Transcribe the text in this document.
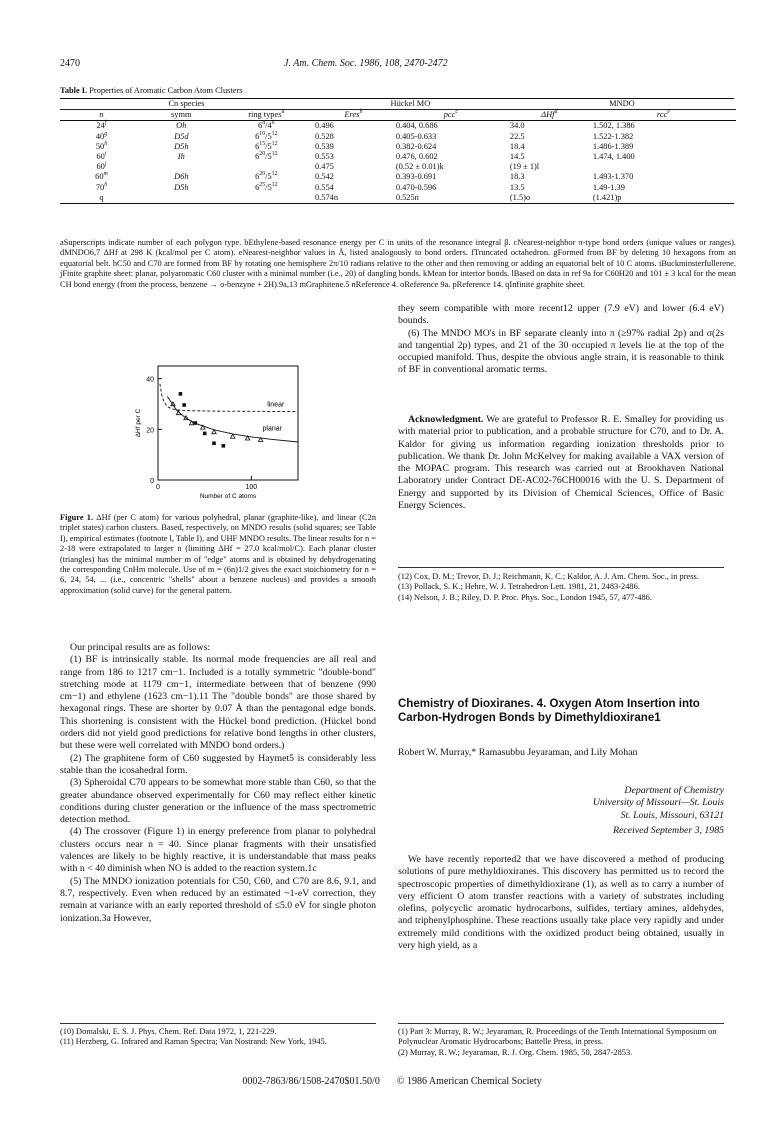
2470	J. Am. Chem. Soc. 1986, 108, 2470-2472
Table I. Properties of Aromatic Carbon Atom Clusters
Cn species			Hückel MO		MNDO	
n	symm	ring types$^a$	Eres$^b$	pcc$^c$	ΔHf$^d$	rcc$^e$
24$^f$	Oh	$6^8/4^6$	0.496	0.404, 0.686	34.0	1.502, 1.386
40$^g$	D5d	$6^{10}/5^{12}$	0.528	0.405-0.633	22.5	1.522-1.382
50$^h$	D5h	$6^{15}/5^{12}$	0.539	0.382-0.624	18.4	1.486-1.389
60$^i$	Ih	$6^{20}/5^{12}$	0.553	0.476, 0.602	14.5	1.474, 1.400
60$^j$			0.475	(0.52 ± 0.01)k	(19 ± 1)l	
60$^m$	D6h	$6^{20}/5^{12}$	0.542	0.393-0.691	18.3	1.493-1.370
70$^h$	D5h	$6^{25}/5^{12}$	0.554	0.470-0.596	13.5	1.49-1.39
q			0.574n	0.525n	(1.5)o	(1.421)p
aSuperscripts indicate number of each polygon type. bEthylene-based resonance energy per C in units of the resonance integral β. cNearest-neighbor π-type bond orders (unique values or ranges). dMNDO6,7 ΔHf at 298 K (kcal/mol per C atom). eNearest-neighbor values in Å, listed analogously to bond orders. fTruncated octahedron. gFormed from BF by deleting 10 hexagons from an equatorial belt. hC50 and C70 are formed from BF by rotating one hemisphere 2π/10 radians relative to the other and then removing or adding an equatorial belt of 10 C atoms. iBuckminsterfullerene. jFinite graphite sheet: planar, polyaromatic C60 cluster with a minimal number (i.e., 20) of dangling bonds. kMean for interior bonds. lBased on data in ref 9a for C60H20 and 101 ± 3 kcal for the mean CH bond energy (from the process, benzene → o-benzyne + 2H).9a,13 mGraphitene.5 nReference 4. oReference 9a. pReference 14. qInfinite graphite sheet.
0
20
40
0	100
Number of C atoms
ΔHf per C
linear
planar
Figure 1. ΔHf (per C atom) for various polyhedral, planar (graphite-like), and linear (C2n triplet states) carbon clusters. Based, respectively, on MNDO results (solid squares; see Table I), empirical estimates (footnote l, Table I), and UHF MNDO results. The linear results for n = 2-18 were extrapolated to larger n (limiting ΔHf = 27.0 kcal/mol/C). Each planar cluster (triangles) has the minimal number m of "edge" atoms and is obtained by dehydrogenating the corresponding CnHm molecule. Use of m = (6n)1/2 gives the exact stoichiometry for n = 6, 24, 54, ... (i.e., concentric "shells" about a benzene nucleus) and provides a smooth approximation (solid curve) for the general pattern.

Our principal results are as follows:

(1) BF is intrinsically stable. Its normal mode frequencies are all real and range from 186 to 1217 cm−1. Included is a totally symmetric "double-bond" stretching mode at 1179 cm−1, intermediate between that of benzene (990 cm−1) and ethylene (1623 cm−1).11 The "double bonds" are those shared by hexagonal rings. These are shorter by 0.07 Å than the pentagonal edge bonds. This shortening is consistent with the Hückel bond prediction. (Hückel bond orders did not yield good predictions for relative bond lengths in other clusters, but these were well correlated with MNDO bond orders.)

(2) The graphitene form of C60 suggested by Haymet5 is considerably less stable than the icosahedral form.

(3) Spheroidal C70 appears to be somewhat more stable than C60, so that the greater abundance observed experimentally for C60 may reflect either kinetic conditions during cluster generation or the influence of the mass spectrometric detection method.

(4) The crossover (Figure 1) in energy preference from planar to polyhedral clusters occurs near n = 40. Since planar fragments with their unsatisfied valences are likely to be highly reactive, it is understandable that mass peaks with n < 40 diminish when NO is added to the reaction system.1c

(5) The MNDO ionization potentials for C50, C60, and C70 are 8.6, 9.1, and 8.7, respectively. Even when reduced by an estimated ~1-eV correction, they remain at variance with an early reported threshold of ≤5.0 eV for single photon ionization.3a However,

(10) Domalski, E. S. J. Phys. Chem. Ref. Data 1972, 1, 221-229.
(11) Herzberg, G. Infrared and Raman Spectra; Van Nostrand: New York, 1945.

they seem compatible with more recent12 upper (7.9 eV) and lower (6.4 eV) bounds.

(6) The MNDO MO's in BF separate cleanly into π (≥97% radial 2p) and σ(2s and tangential 2p) types, and 21 of the 30 occupied π levels lie at the top of the occupied manifold. Thus, despite the obvious angle strain, it is reasonable to think of BF in conventional aromatic terms.

Acknowledgment. We are grateful to Professor R. E. Smalley for providing us with material prior to publication, and a probable structure for C70, and to Dr. A. Kaldor for giving us information regarding ionization thresholds prior to publication. We thank Dr. John McKelvey for making available a VAX version of the MOPAC program. This research was carried out at Brookhaven National Laboratory under Contract DE-AC02-76CH00016 with the U. S. Department of Energy and supported by its Division of Chemical Sciences, Office of Basic Energy Sciences.
(12) Cox, D. M.; Trevor, D. J.; Reichmann, K. C.; Kaldor, A. J. Am. Chem. Soc., in press.
(13) Pollack, S. K.; Hehre, W. J. Tetrahedron Lett. 1981, 21, 2483-2486.
(14) Nelson, J. B.; Riley, D. P. Proc. Phys. Soc., London 1945, 57, 477-486.
Chemistry of Dioxiranes. 4. Oxygen Atom Insertion into Carbon-Hydrogen Bonds by Dimethyldioxirane1
Robert W. Murray,* Ramasubbu Jeyaraman, and Lily Mohan
Department of Chemistry
University of Missouri—St. Louis
St. Louis, Missouri, 63121
Received September 3, 1985
We have recently reported2 that we have discovered a method of producing solutions of pure methyldioxiranes. This discovery has permitted us to record the spectroscopic properties of dimethyldioxirane (1), as well as to carry a number of very efficient O atom transfer reactions with a variety of substrates including olefins, polycyclic aromatic hydrocarbons, sulfides, tertiary amines, aldehydes, and triphenylphosphine. These reactions usually take place very rapidly and under extremely mild conditions with the oxidized product being obtained, usually in very high yield, as a
(1) Part 3: Murray, R. W.; Jeyaraman, R. Proceedings of the Tenth International Symposium on Polynuclear Aromatic Hydrocarbons; Battelle Press, in press.
(2) Murray, R. W.; Jeyaraman, R. J. Org. Chem. 1985, 50, 2847-2853.
0002-7863/86/1508-2470$01.50/0 © 1986 American Chemical Society
